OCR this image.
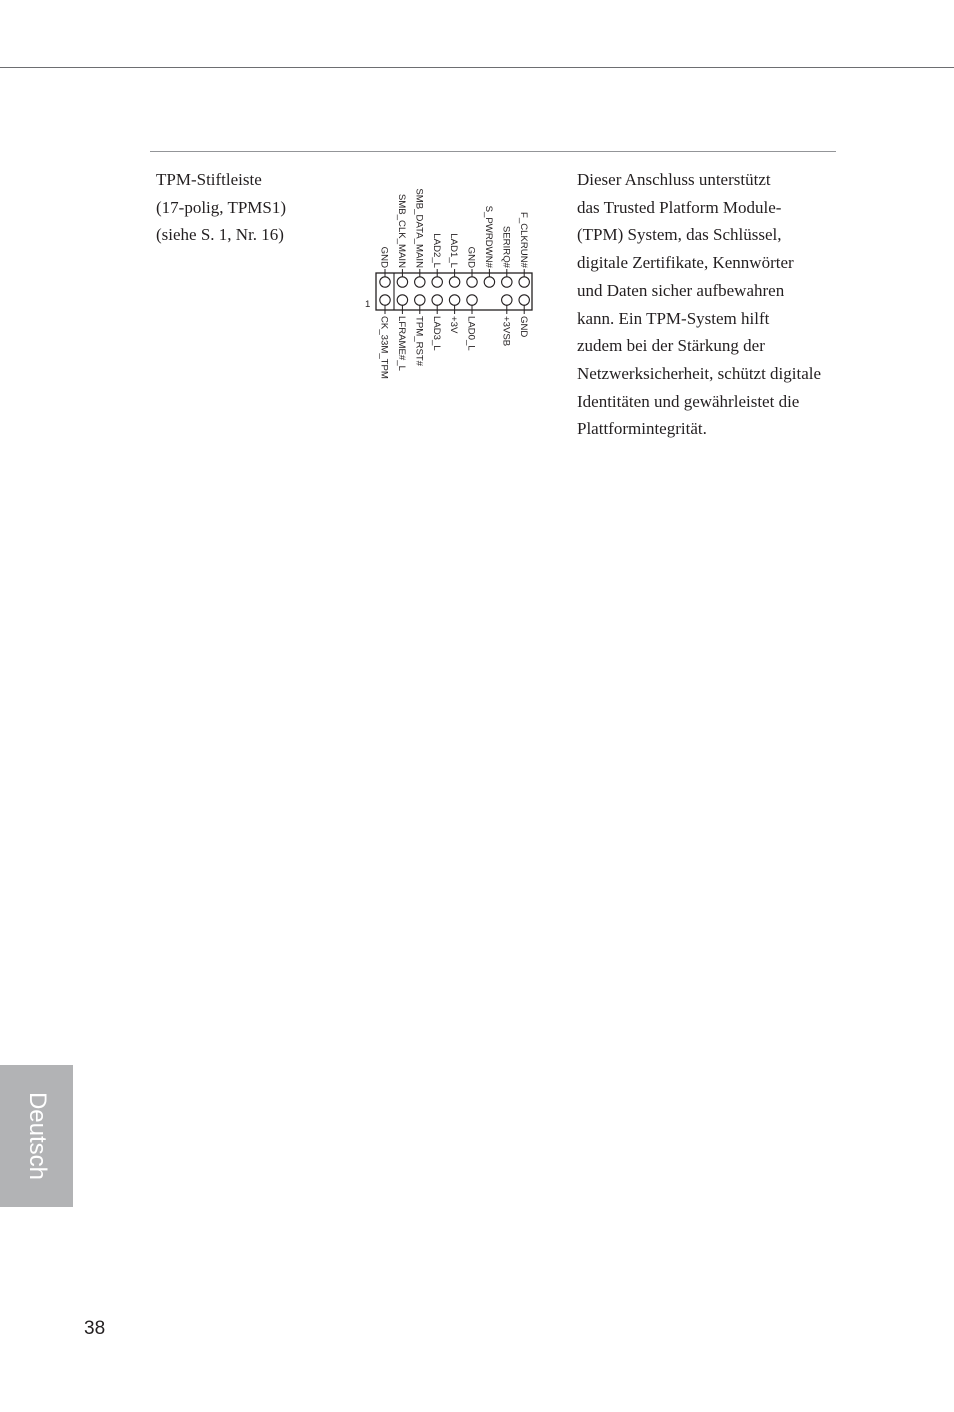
TPM-Stiftleiste
(17-polig, TPMS1)
(siehe S. 1, Nr. 16)
GND
CK_33M_TPM
SMB_CLK_MAIN
LFRAME#_L
SMB_DATA_MAIN
TPM_RST#
LAD2_L
LAD3_L
LAD1_L
+3V
GND
LAD0_L
S_PWRDWN# SERIRQ#
+3VSB
F_CLKRUN#
GND
1
Dieser Anschluss unterstützt
das Trusted Platform Module-
(TPM) System, das Schlüssel,
digitale Zertifikate, Kennwörter
und Daten sicher aufbewahren
kann. Ein TPM-System hilft
zudem bei der Stärkung der
Netzwerksicherheit, schützt digitale
Identitäten und gewährleistet die
Plattformintegrität.
Deutsch
38
